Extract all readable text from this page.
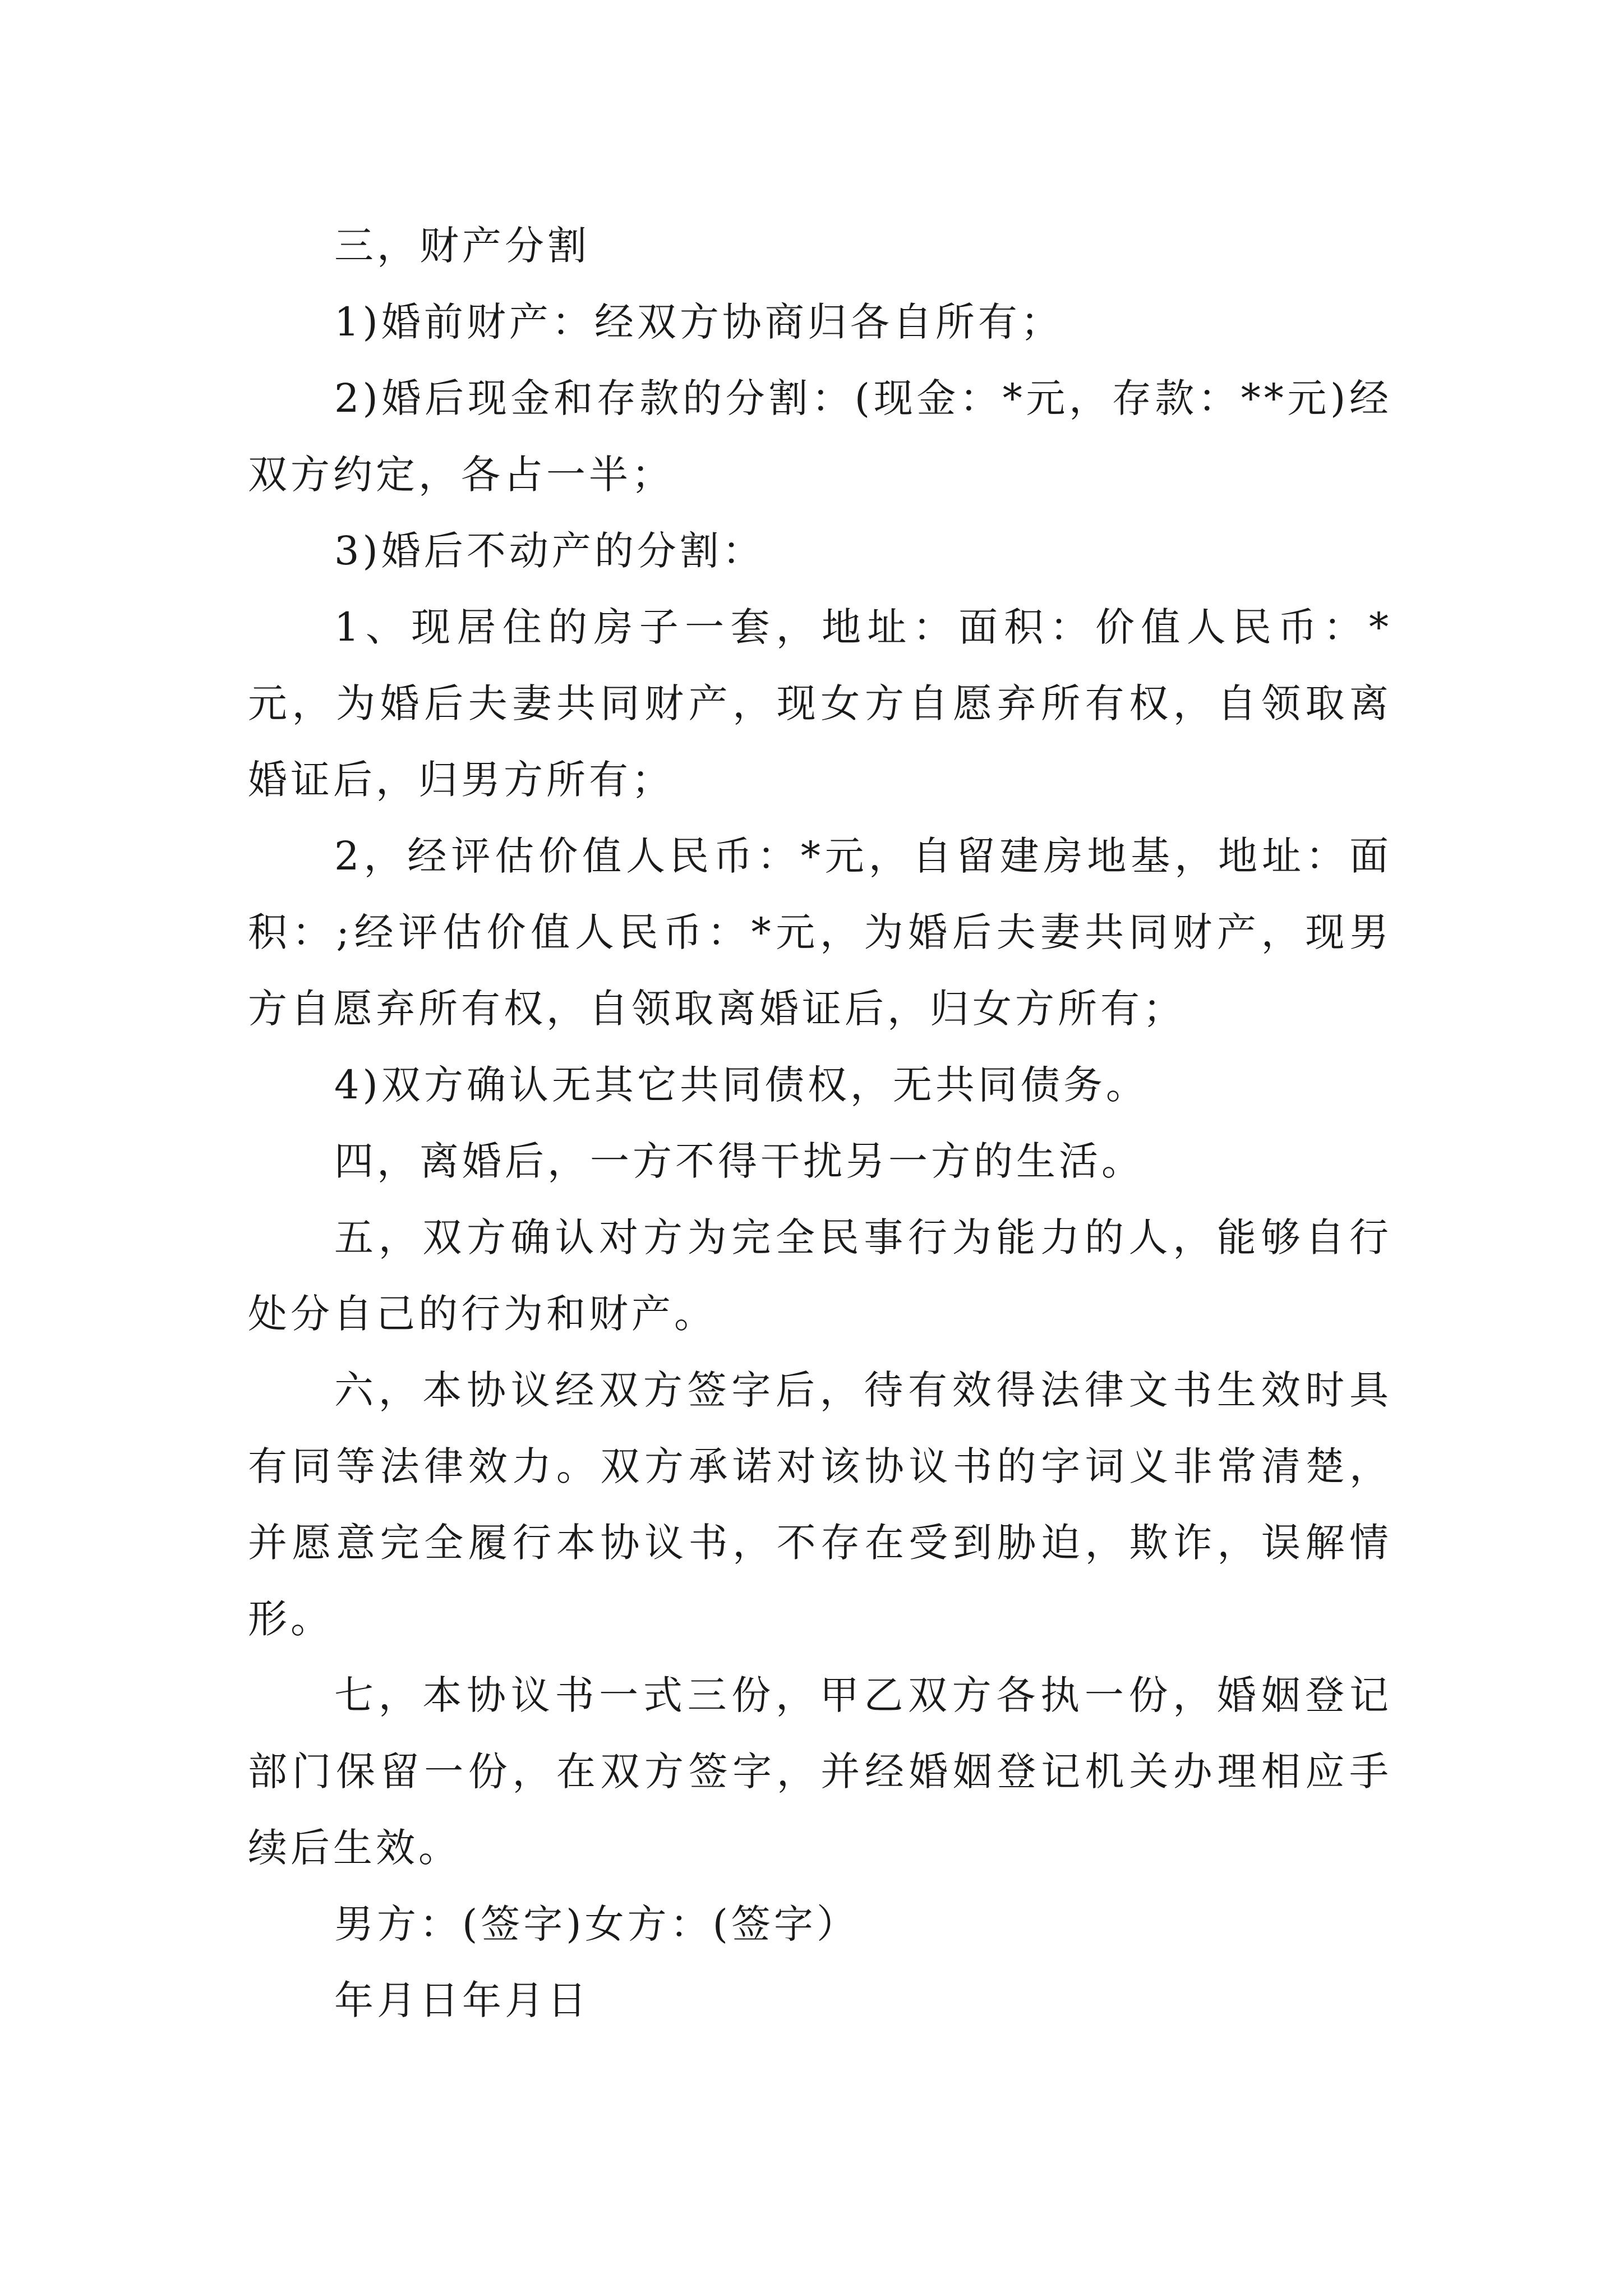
三，财产分割

1)婚前财产：经双方协商归各自所有；

2)婚后现金和存款的分割：(现金：*元，存款：**元)经双方约定，各占一半；

3)婚后不动产的分割：

1、现居住的房子一套，地址：面积：价值人民币：*元，为婚后夫妻共同财产，现女方自愿弃所有权，自领取离婚证后，归男方所有；

2，经评估价值人民币：*元，自留建房地基，地址：面积：;经评估价值人民币：*元，为婚后夫妻共同财产，现男方自愿弃所有权，自领取离婚证后，归女方所有；

4)双方确认无其它共同债权，无共同债务。

四，离婚后，一方不得干扰另一方的生活。

五，双方确认对方为完全民事行为能力的人，能够自行处分自己的行为和财产。

六，本协议经双方签字后，待有效得法律文书生效时具有同等法律效力。双方承诺对该协议书的字词义非常清楚，并愿意完全履行本协议书，不存在受到胁迫，欺诈，误解情形。

七，本协议书一式三份，甲乙双方各执一份，婚姻登记部门保留一份，在双方签字，并经婚姻登记机关办理相应手续后生效。

男方：(签字)女方：(签字）

年月日年月日
